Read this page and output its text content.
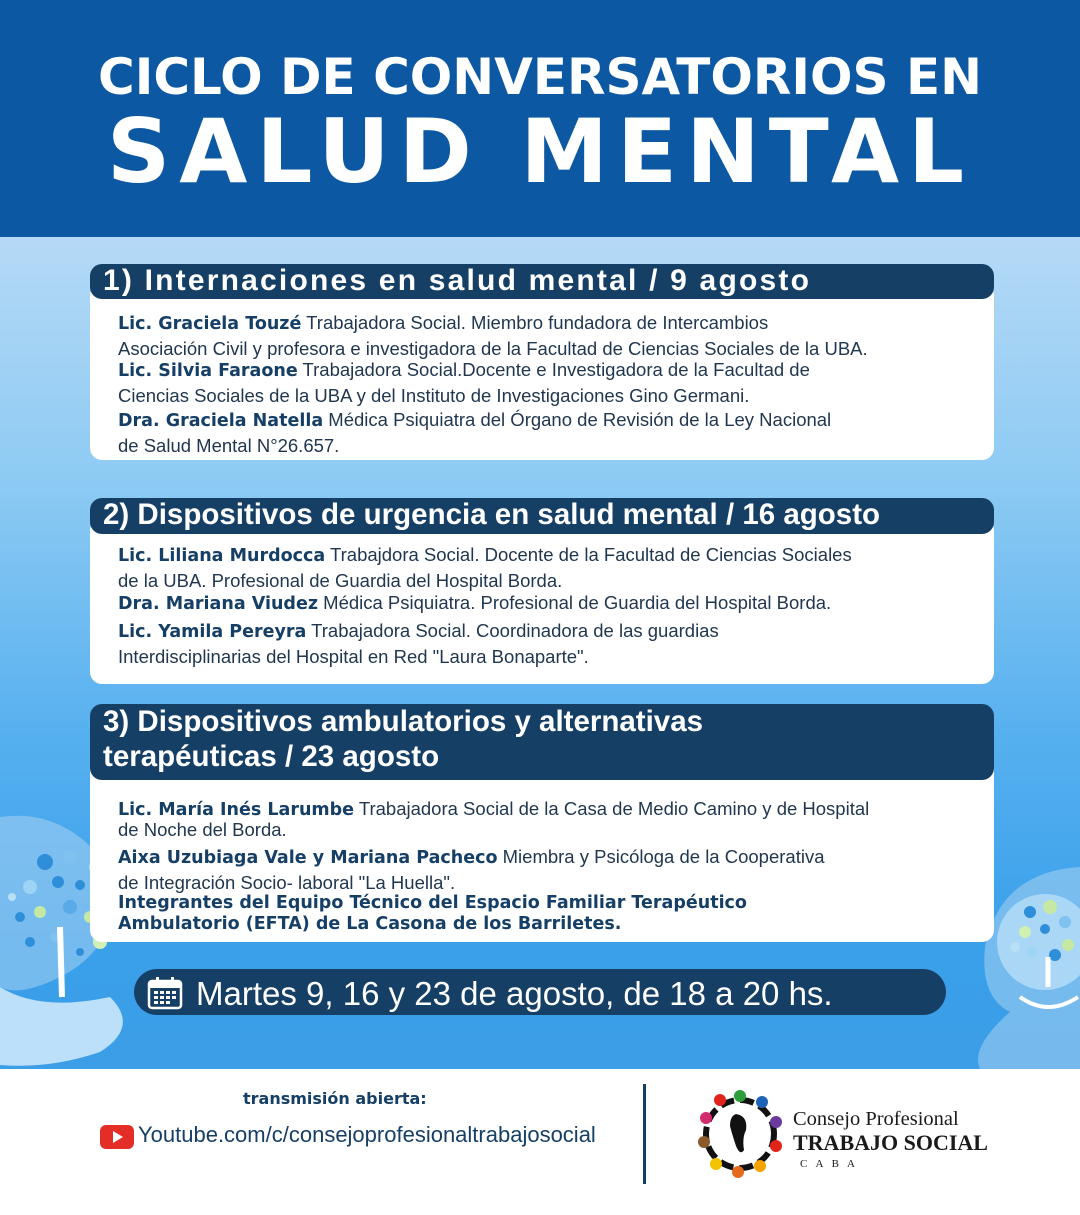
CICLO DE CONVERSATORIOS EN
SALUD MENTAL
1) Internaciones en salud mental / 9 agosto
Lic. Graciela Touzé Trabajadora Social. Miembro fundadora de Intercambios
Asociación Civil y profesora e investigadora de la Facultad de Ciencias Sociales de la UBA.
Lic. Silvia Faraone Trabajadora Social.Docente e Investigadora de la Facultad de
Ciencias Sociales de la UBA y del Instituto de Investigaciones Gino Germani.
Dra. Graciela Natella Médica Psiquiatra del Órgano de Revisión de la Ley Nacional
de Salud Mental N°26.657.
2) Dispositivos de urgencia en salud mental / 16 agosto
Lic. Liliana Murdocca Trabajdora Social. Docente de la Facultad de Ciencias Sociales
de la UBA. Profesional de Guardia del Hospital Borda.
Dra. Mariana Viudez Médica Psiquiatra. Profesional de Guardia del Hospital Borda.
Lic. Yamila Pereyra Trabajadora Social. Coordinadora de las guardias
Interdisciplinarias del Hospital en Red "Laura Bonaparte".
3) Dispositivos ambulatorios y alternativas
terapéuticas / 23 agosto
Lic. María Inés Larumbe Trabajadora Social de la Casa de Medio Camino y de Hospital
de Noche del Borda.
Aixa Uzubiaga Vale y Mariana Pacheco Miembra y Psicóloga de la Cooperativa
de Integración Socio- laboral "La Huella".
Integrantes del Equipo Técnico del Espacio Familiar Terapéutico
Ambulatorio (EFTA) de La Casona de los Barriletes.
Martes 9, 16 y 23 de agosto, de 18 a 20 hs.
transmisión abierta:
Youtube.com/c/consejoprofesionaltrabajosocial
Consejo Profesional
TRABAJO SOCIAL
C A B A
